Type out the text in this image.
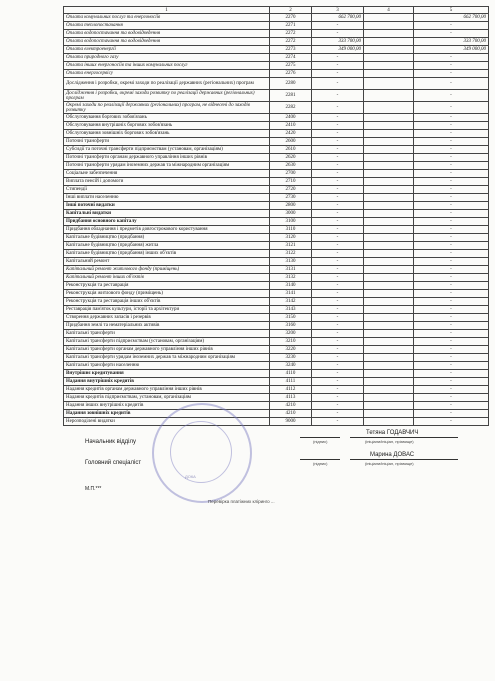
1	2	3	4	5
Оплата комунальних послуг та енергоносіїв	2270	662 700,00		662 700,00
Оплата теплопостачання	2271	-		-
Оплата водопостачання та водовідведення	2272	-		-
Оплата водопостачання та водовідведення	2272	333 700,00		333 700,00
Оплата електроенергії	2273	349 000,00		349 000,00
Оплата природного газу	2274	-		-
Оплата інших енергоносіїв та інших комунальних послуг	2275	-		-
Оплата енергосервісу	2276	-		-
Дослідження і розробки, окремі заходи по реалізації державних (регіональних) програм	2280	-		-
Дослідження і розробки, окремі заходи розвитку по реалізації державних (регіональних) програм	2281	-		-
Окремі заходи по реалізації державних (регіональних) програм, не віднесені до заходів розвитку	2282	-		-
Обслуговування боргових зобов'язань	2400	-		-
Обслуговування внутрішніх боргових зобов'язань	2410	-		-
Обслуговування зовнішніх боргових зобов'язань	2420	-		-
Поточні трансферти	2600	-		-
Субсидії та поточні трансферти підприємствам (установам, організаціям)	2610	-		-
Поточні трансферти органам державного управління інших рівнів	2620	-		-
Поточні трансферти урядам іноземних держав та міжнародним організаціям	2630	-		-
Соціальне забезпечення	2700	-		-
Виплата пенсій і допомоги	2710	-		-
Стипендії	2720	-		-
Інші виплати населенню	2730	-		-
Інші поточні видатки	2800	-		-
Капітальні видатки	3000	-		-
Придбання основного капіталу	3100	-		-
Придбання обладнання і предметів довгострокового користування	3110	-		-
Капітальне будівництво (придбання)	3120	-		-
Капітальне будівництво (придбання) житла	3121	-		-
Капітальне будівництво (придбання) інших об'єктів	3122	-		-
Капітальний ремонт	3130	-		-
Капітальний ремонт житлового фонду (приміщень)	3131	-		-
Капітальний ремонт інших об'єктів	3132	-		-
Реконструкція та реставрація	3140	-		-
Реконструкція житлового фонду (приміщень)	3141	-		-
Реконструкція та реставрація інших об'єктів	3142	-		-
Реставрація пам'яток культури, історії та архітектури	3143	-		-
Створення державних запасів і резервів	3150	-		-
Придбання землі та нематеріальних активів	3160	-		-
Капітальні трансферти	3200	-		-
Капітальні трансферти підприємствам (установам, організаціям)	3210	-		-
Капітальні трансферти органам державного управління інших рівнів	3220	-		-
Капітальні трансферти урядам іноземних держав та міжнародним організаціям	3230	-		-
Капітальні трансферти населенню	3240	-		-
Внутрішнє кредитування	4110	-		-
Надання внутрішніх кредитів	4111	-		-
Надання кредитів органам державного управління інших рівнів	4112	-		-
Надання кредитів підприємствам, установам, організаціям	4113	-		-
Надання інших внутрішніх кредитів	4210	-		-
Надання зовнішніх кредитів	4210	-		-
Нерозподілені видатки	9000	-		-
ДОКА
Начальник відділу	(підпис)
Тетяна ГОДАВЧИЧ
(ініціали/ініціал, прізвище)
Головний спеціаліст	(підпис)
Марина ДОВАС
(ініціали/ініціал, прізвище)
М.П.***
Перевірка платіжних кліринго ...
